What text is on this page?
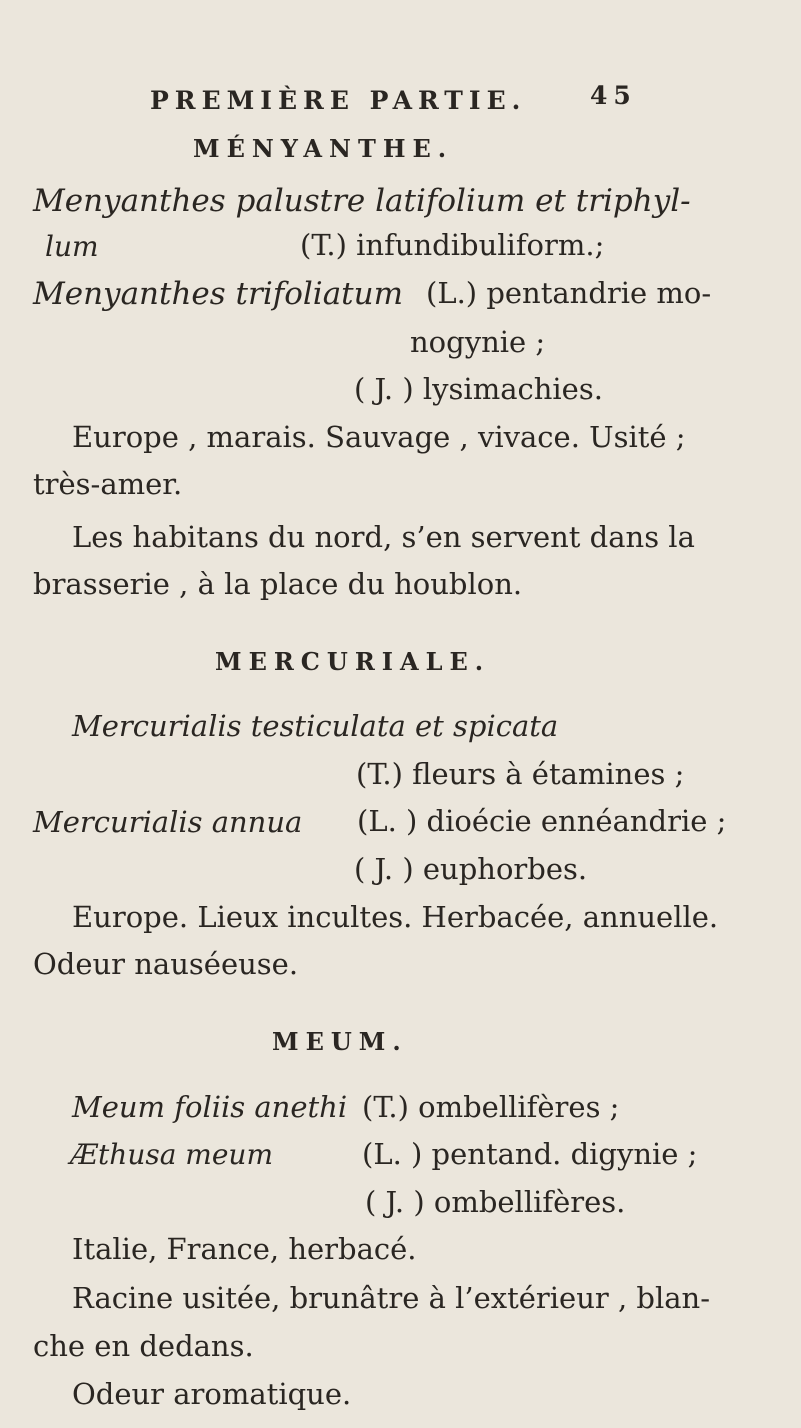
PREMIÈRE PARTIE.	45
MÉNYANTHE.
Menyanthes palustre latifolium et triphyl-
lum	(T.) infundibuliform.;
Menyanthes trifoliatum (L.) pentandrie mo-
nogynie ;
( J. ) lysimachies.
Europe , marais. Sauvage , vivace. Usité ;
très-amer.
Les habitans du nord, s’en servent dans la
brasserie , à la place du houblon.
MERCURIALE.
Mercurialis testiculata et spicata
(T.) fleurs à étamines ;
Mercurialis annua (L. ) dioécie ennéandrie ;
( J. ) euphorbes.
Europe. Lieux incultes. Herbacée, annuelle.
Odeur nauséeuse.
MEUM.
Meum foliis anethi (T.) ombellifères ;
Æthusa meum	(L. ) pentand. digynie ;
( J. ) ombellifères.
Italie, France, herbacé.
Racine usitée, brunâtre à l’extérieur , blan-
che en dedans.
Odeur aromatique.
